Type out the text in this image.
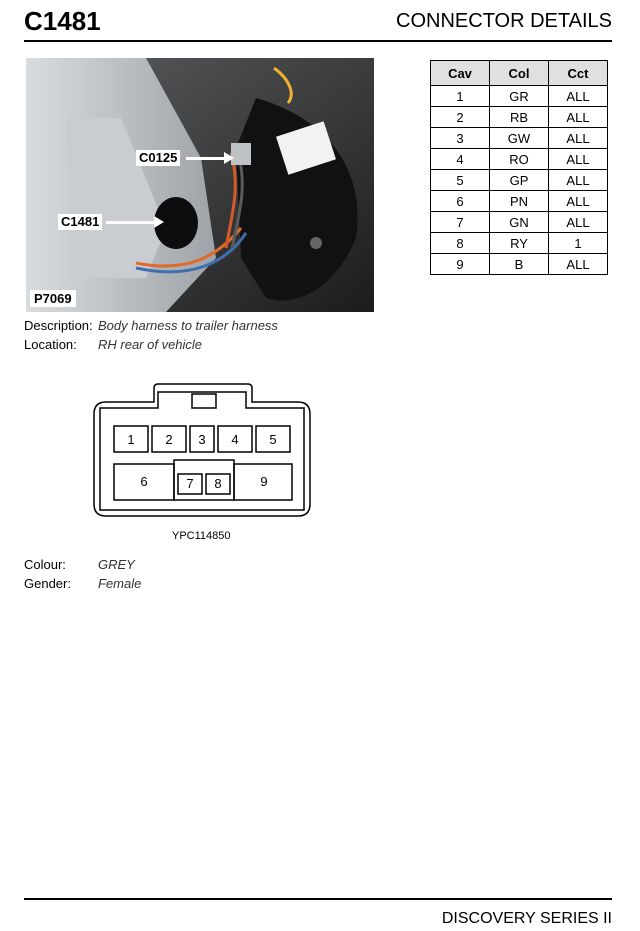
C1481	CONNECTOR DETAILS
C0125
C1481
P7069
Cav	Col	Cct
1	GR	ALL
2	RB	ALL
3	GW	ALL
4	RO	ALL
5	GP	ALL
6	PN	ALL
7	GN	ALL
8	RY	1
9	B	ALL
Description: Body harness to trailer harness
Location: RH rear of vehicle
1 2 3 4 5
6	7 8	9
YPC114850
Colour: GREY
Gender: Female
DISCOVERY SERIES II
